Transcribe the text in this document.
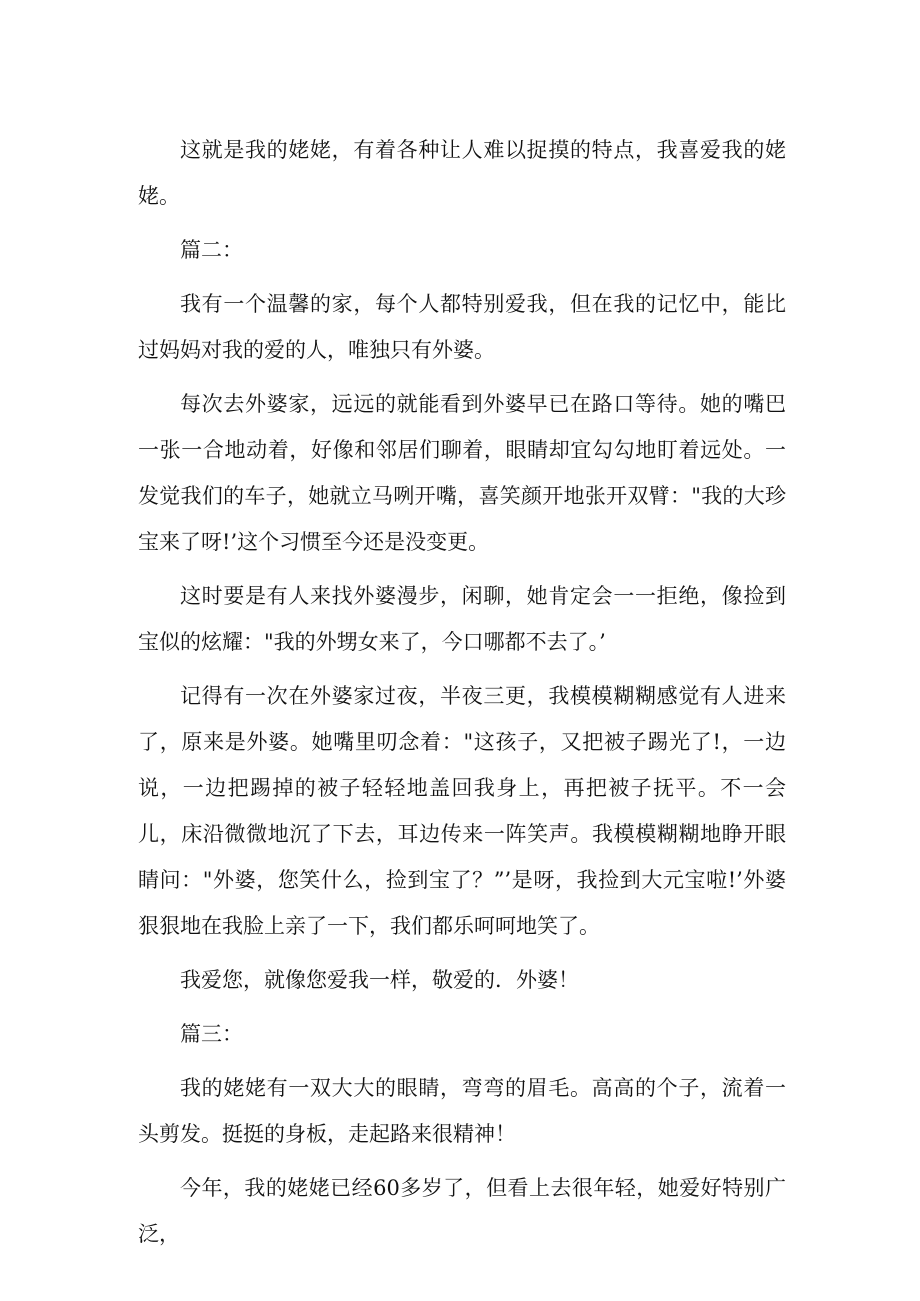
这就是我的姥姥，有着各种让人难以捉摸的特点，我喜爱我的姥姥。

篇二：

我有一个温馨的家，每个人都特别爱我，但在我的记忆中，能比过妈妈对我的爱的人，唯独只有外婆。

每次去外婆家，远远的就能看到外婆早已在路口等待。她的嘴巴一张一合地动着，好像和邻居们聊着，眼睛却宜勾勾地盯着远处。一发觉我们的车子，她就立马咧开嘴，喜笑颜开地张开双臂："我的大珍宝来了呀!’这个习惯至今还是没变更。

这时要是有人来找外婆漫步，闲聊，她肯定会一一拒绝，像捡到宝似的炫耀："我的外甥女来了，今口哪都不去了。’

记得有一次在外婆家过夜，半夜三更，我模模糊糊感觉有人进来了，原来是外婆。她嘴里叨念着："这孩子，又把被子踢光了!，一边说，一边把踢掉的被子轻轻地盖回我身上，再把被子抚平。不一会儿，床沿微微地沉了下去，耳边传来一阵笑声。我模模糊糊地睁开眼睛问："外婆，您笑什么，捡到宝了？”’是呀，我捡到大元宝啦!’外婆狠狠地在我脸上亲了一下，我们都乐呵呵地笑了。

我爱您，就像您爱我一样，敬爱的．外婆！

篇三：

我的姥姥有一双大大的眼睛，弯弯的眉毛。高高的个子，流着一头剪发。挺挺的身板，走起路来很精神！

今年，我的姥姥已经60多岁了，但看上去很年轻，她爱好特别广泛，
